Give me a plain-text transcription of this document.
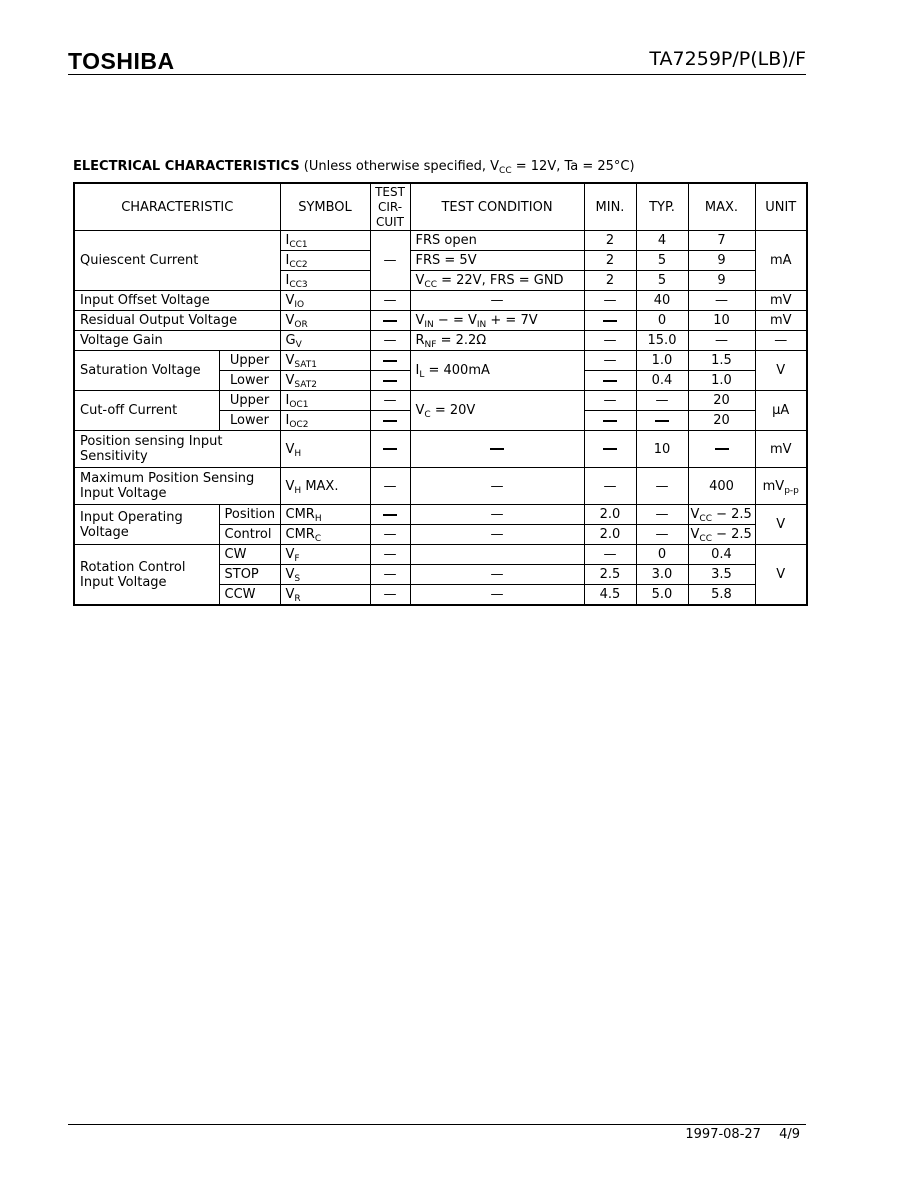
TOSHIBA	TA7259P/P(LB)/F
ELECTRICAL CHARACTERISTICS (Unless otherwise specified, $V_{CC} = 12V$, Ta = 25°C)
CHARACTERISTIC		SYMBOL	TEST
CIR-
CUIT	TEST CONDITION	MIN.	TYP.	MAX.	UNIT
Quiescent Current		$I_{CC1}$	—	FRS open	2	4	7	mA
		$I_{CC2}$		FRS = 5V	2	5	9	
		$I_{CC3}$		$V_{CC} = 22V$, FRS = GND	2	5	9	
Input Offset Voltage		$V_{IO}$	—	—	—	40	—	mV
Residual Output Voltage		$V_{OR}$		$V_{IN}$ − = $V_{IN}$ + = 7V		0	10	mV
Voltage Gain		$G_V$	—	$R_{NF} = 2.2\Omega$	—	15.0	—	—
Saturation Voltage	Upper	$V_{SAT1}$		$I_L = 400mA$	—	1.0	1.5	V
	Lower	$V_{SAT2}$				0.4	1.0	
Cut-off Current	Upper	$I_{OC1}$	—	$V_C = 20V$	—	—	20	μA
	Lower	$I_{OC2}$					20	
Position sensing Input
Sensitivity		$V_H$				10		mV
Maximum Position Sensing
Input Voltage		$V_H$ MAX.	—	—	—	—	400	$mV_{p-p}$
Input Operating
Voltage	Position	$CMR_H$		—	2.0	—	$V_{CC} - 2.5$	V
	Control	$CMR_C$	—	—	2.0	—	$V_{CC} - 2.5$	
Rotation Control
Input Voltage	CW	$V_F$	—		—	0	0.4	V
	STOP	$V_S$	—	—	2.5	3.0	3.5	
	CCW	$V_R$	—	—	4.5	5.0	5.8	
1997-08-27 4/9
